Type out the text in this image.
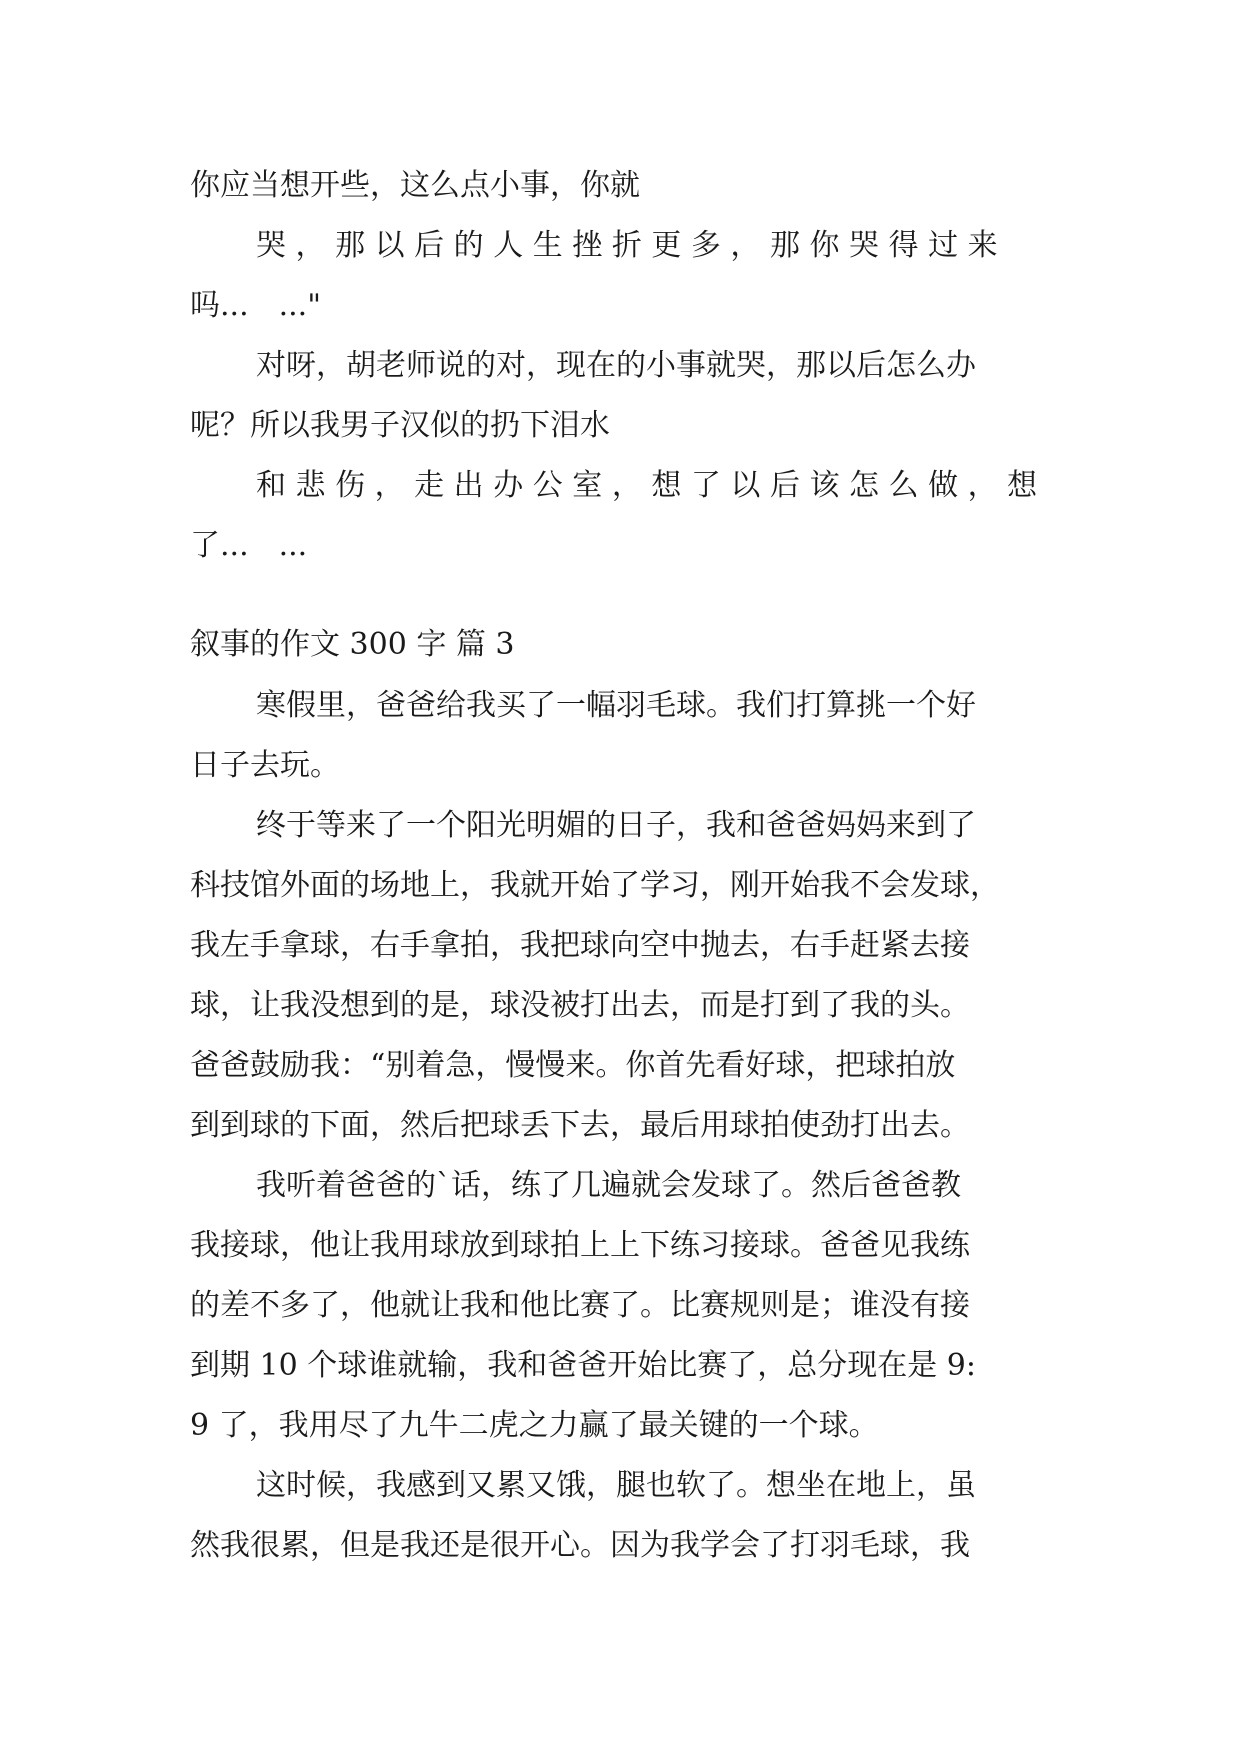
你应当想开些，这么点小事，你就
哭 ， 那 以 后 的 人 生 挫 折 更 多 ， 那 你 哭 得 过 来
吗...　..."
对呀，胡老师说的对，现在的小事就哭，那以后怎么办
呢？所以我男子汉似的扔下泪水
和 悲 伤 ， 走 出 办 公 室 ， 想 了 以 后 该 怎 么 做 ， 想
了...　...
叙事的作文 300 字 篇 3
寒假里，爸爸给我买了一幅羽毛球。我们打算挑一个好
日子去玩。
终于等来了一个阳光明媚的日子，我和爸爸妈妈来到了
科技馆外面的场地上，我就开始了学习，刚开始我不会发球，
我左手拿球，右手拿拍，我把球向空中抛去，右手赶紧去接
球，让我没想到的是，球没被打出去，而是打到了我的头。
爸爸鼓励我：“别着急，慢慢来。你首先看好球，把球拍放
到到球的下面，然后把球丢下去，最后用球拍使劲打出去。
我听着爸爸的`话，练了几遍就会发球了。然后爸爸教
我接球，他让我用球放到球拍上上下练习接球。爸爸见我练
的差不多了，他就让我和他比赛了。比赛规则是；谁没有接
到期 10 个球谁就输，我和爸爸开始比赛了，总分现在是 9:
9 了，我用尽了九牛二虎之力赢了最关键的一个球。
这时候，我感到又累又饿，腿也软了。想坐在地上，虽
然我很累，但是我还是很开心。因为我学会了打羽毛球，我
